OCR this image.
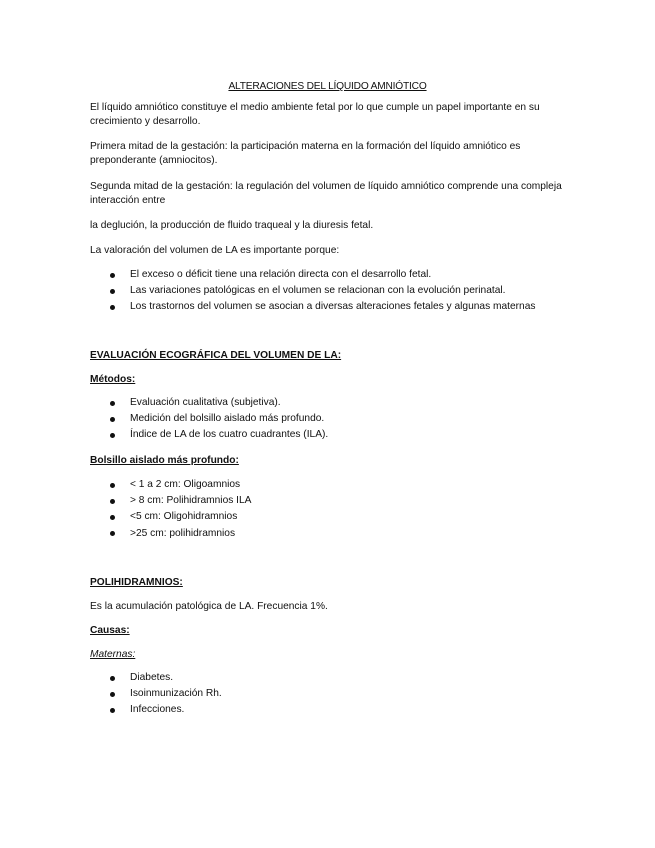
ALTERACIONES DEL LÍQUIDO AMNIÓTICO

El líquido amniótico constituye el medio ambiente fetal por lo que cumple un papel importante en su crecimiento y desarrollo.

Primera mitad de la gestación: la participación materna en la formación del líquido amniótico es preponderante (amniocitos).

Segunda mitad de la gestación: la regulación del volumen de líquido amniótico comprende una compleja interacción entre

la deglución, la producción de fluido traqueal y la diuresis fetal.

La valoración del volumen de LA es importante porque:

El exceso o déficit tiene una relación directa con el desarrollo fetal.
Las variaciones patológicas en el volumen se relacionan con la evolución perinatal.
Los trastornos del volumen se asocian a diversas alteraciones fetales y algunas maternas

EVALUACIÓN ECOGRÁFICA DEL VOLUMEN DE LA:

Métodos:

Evaluación cualitativa (subjetiva).
Medición del bolsillo aislado más profundo.
Índice de LA de los cuatro cuadrantes (ILA).

Bolsillo aislado más profundo:

< 1 a 2 cm: Oligoamnios
> 8 cm: Polihidramnios ILA
<5 cm: Oligohidramnios
>25 cm: polihidramnios

POLIHIDRAMNIOS:

Es la acumulación patológica de LA. Frecuencia 1%.

Causas:

Maternas:

Diabetes.
Isoinmunización Rh.
Infecciones.
